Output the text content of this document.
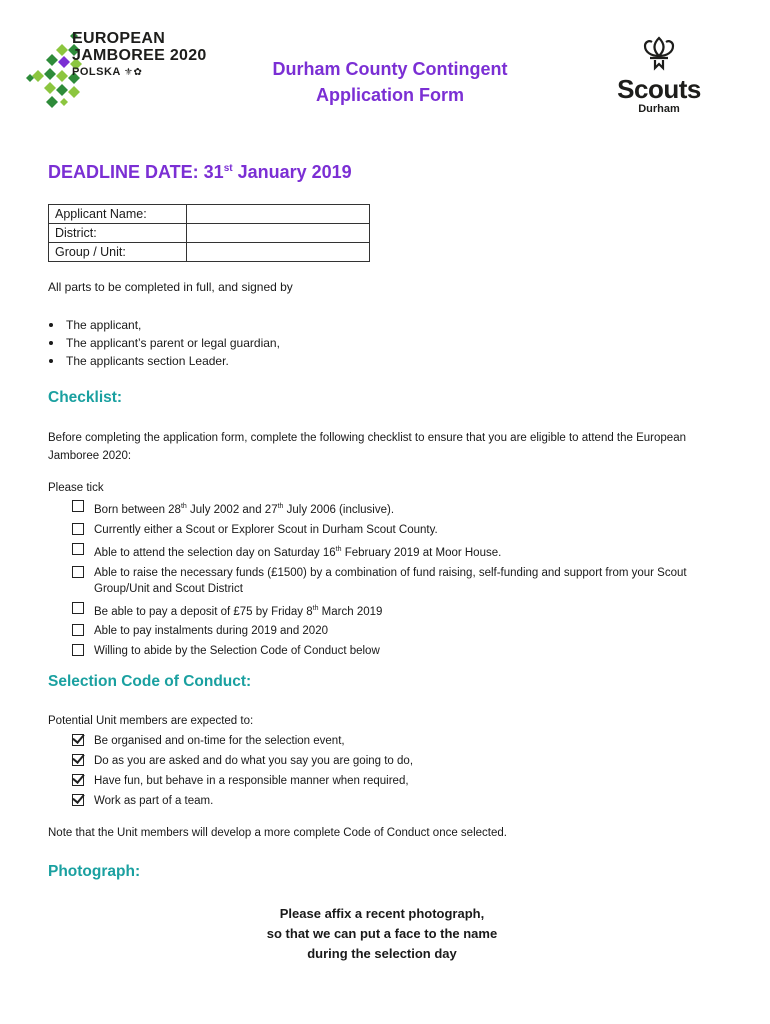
EUROPEAN
JAMBOREE 2020
POLSKA ⚜✿	Durham County Contingent
Application Form	Scouts
Durham
DEADLINE DATE: 31st January 2019
Applicant Name:	
District:	
Group / Unit:	
All parts to be completed in full, and signed by
The applicant,
The applicant’s parent or legal guardian,
The applicants section Leader.
Checklist:
Before completing the application form, complete the following checklist to ensure that you are eligible to attend the European Jamboree 2020:
Please tick
Born between 28th July 2002 and 27th July 2006 (inclusive).
Currently either a Scout or Explorer Scout in Durham Scout County.
Able to attend the selection day on Saturday 16th February 2019 at Moor House.
Able to raise the necessary funds (£1500) by a combination of fund raising, self-funding and support from your Scout Group/Unit and Scout District
Be able to pay a deposit of £75 by Friday 8th March 2019
Able to pay instalments during 2019 and 2020
Willing to abide by the Selection Code of Conduct below
Selection Code of Conduct:
Potential Unit members are expected to:
Be organised and on-time for the selection event,
Do as you are asked and do what you say you are going to do,
Have fun, but behave in a responsible manner when required,
Work as part of a team.
Note that the Unit members will develop a more complete Code of Conduct once selected.
Photograph:
Please affix a recent photograph,
so that we can put a face to the name
during the selection day
